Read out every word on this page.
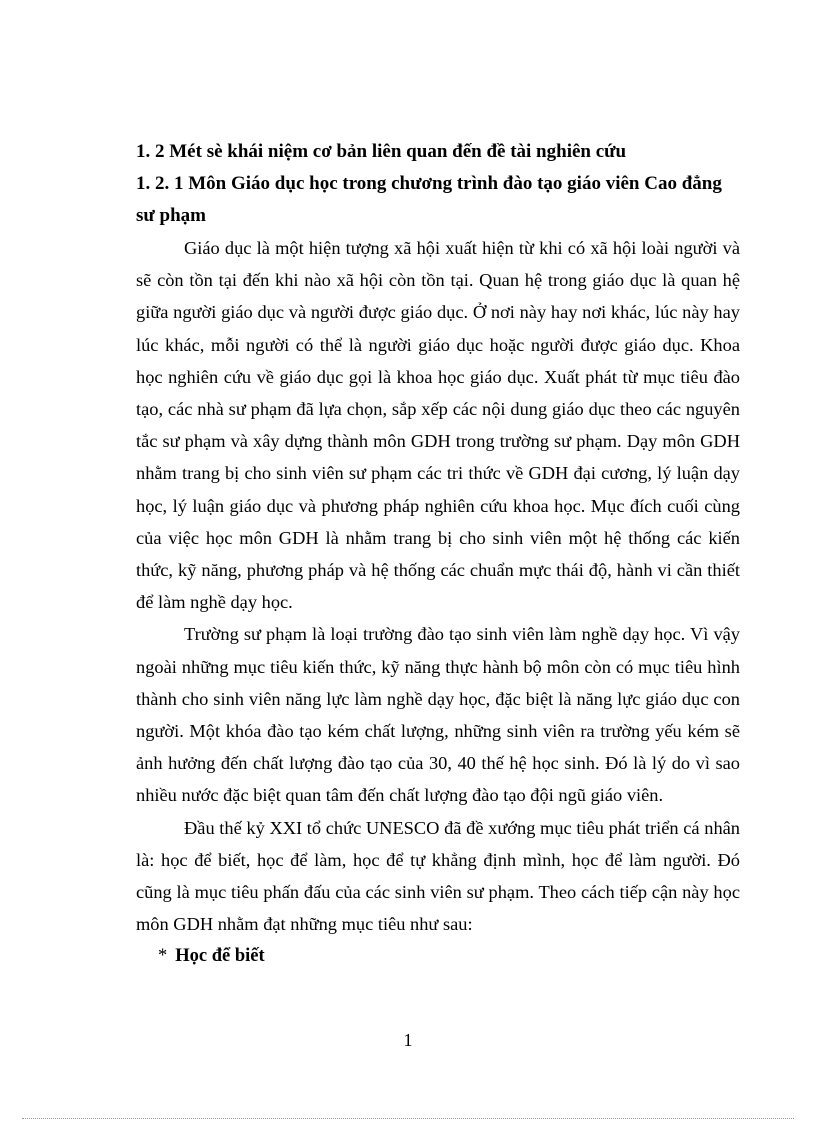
1. 2 Mét sè khái niệm cơ bản liên quan đến đề tài nghiên cứu

1. 2. 1 Môn Giáo dục học trong chương trình đào tạo giáo viên Cao đẳng sư phạm

Giáo dục là một hiện tượng xã hội xuất hiện từ khi có xã hội loài người và sẽ còn tồn tại đến khi nào xã hội còn tồn tại. Quan hệ trong giáo dục là quan hệ giữa người giáo dục và người được giáo dục. Ở nơi này hay nơi khác, lúc này hay lúc khác, mỗi người có thể là người giáo dục hoặc người được giáo dục. Khoa học nghiên cứu về giáo dục gọi là khoa học giáo dục. Xuất phát từ mục tiêu đào tạo, các nhà sư phạm đã lựa chọn, sắp xếp các nội dung giáo dục theo các nguyên tắc sư phạm và xây dựng thành môn GDH trong trường sư phạm. Dạy môn GDH nhằm trang bị cho sinh viên sư phạm các tri thức về GDH đại cương, lý luận dạy học, lý luận giáo dục và phương pháp nghiên cứu khoa học. Mục đích cuối cùng của việc học môn GDH là nhằm trang bị cho sinh viên một hệ thống các kiến thức, kỹ năng, phương pháp và hệ thống các chuẩn mực thái độ, hành vi cần thiết để làm nghề dạy học.

Trường sư phạm là loại trường đào tạo sinh viên làm nghề dạy học. Vì vậy ngoài những mục tiêu kiến thức, kỹ năng thực hành bộ môn còn có mục tiêu hình thành cho sinh viên năng lực làm nghề dạy học, đặc biệt là năng lực giáo dục con người. Một khóa đào tạo kém chất lượng, những sinh viên ra trường yếu kém sẽ ảnh hưởng đến chất lượng đào tạo của 30, 40 thế hệ học sinh. Đó là lý do vì sao nhiều nước đặc biệt quan tâm đến chất lượng đào tạo đội ngũ giáo viên.

Đầu thế kỷ XXI tổ chức UNESCO đã đề xướng mục tiêu phát triển cá nhân là: học để biết, học để làm, học để tự khẳng định mình, học để làm người. Đó cũng là mục tiêu phấn đấu của các sinh viên sư phạm. Theo cách tiếp cận này học môn GDH nhằm đạt những mục tiêu như sau:

* Học để biết

1
